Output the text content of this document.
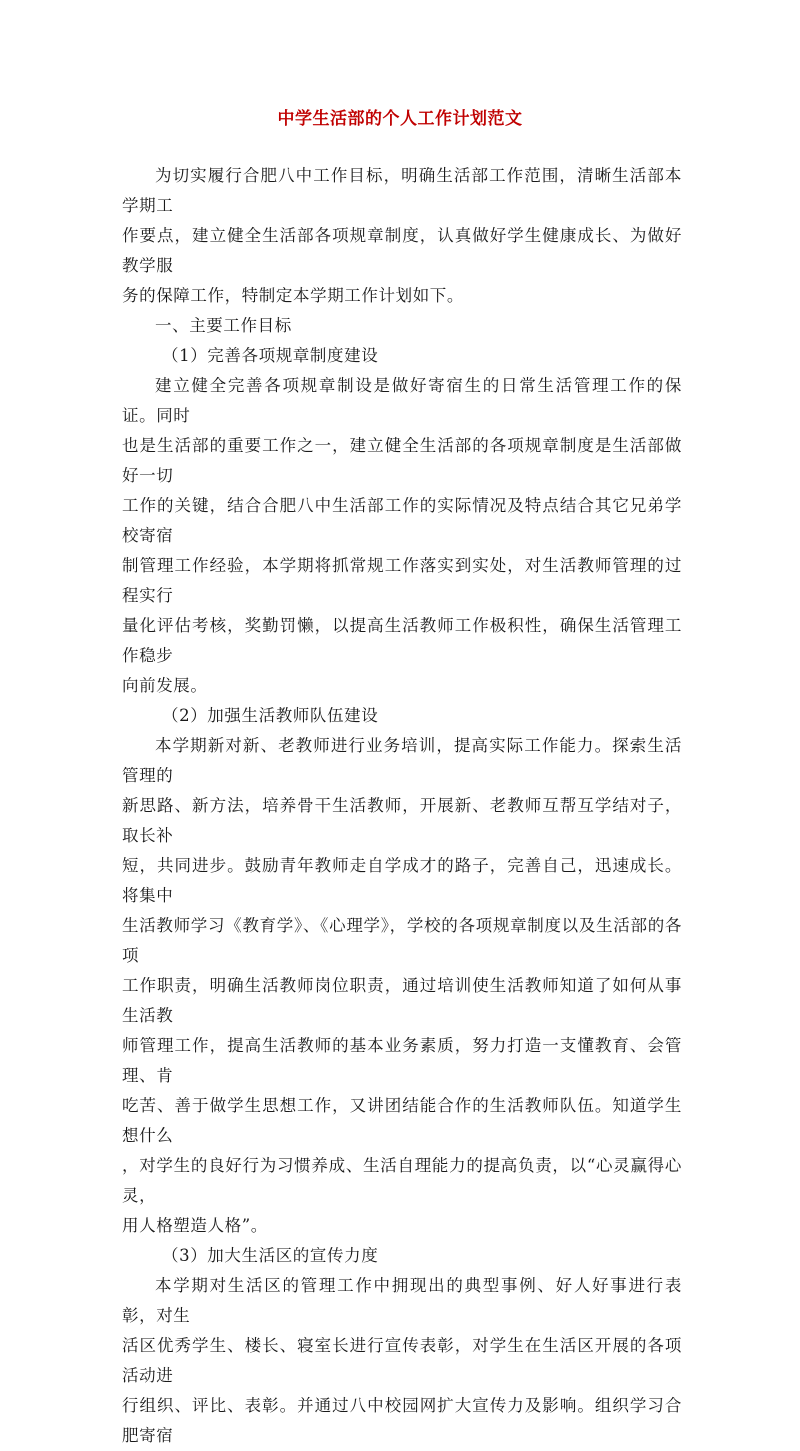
中学生活部的个人工作计划范文

为切实履行合肥八中工作目标，明确生活部工作范围，清晰生活部本学期工
作要点，建立健全生活部各项规章制度，认真做好学生健康成长、为做好教学服
务的保障工作，特制定本学期工作计划如下。

一、主要工作目标

（1）完善各项规章制度建设

建立健全完善各项规章制设是做好寄宿生的日常生活管理工作的保证。同时
也是生活部的重要工作之一，建立健全生活部的各项规章制度是生活部做好一切
工作的关键，结合合肥八中生活部工作的实际情况及特点结合其它兄弟学校寄宿
制管理工作经验，本学期将抓常规工作落实到实处，对生活教师管理的过程实行
量化评估考核，奖勤罚懒，以提高生活教师工作极积性，确保生活管理工作稳步
向前发展。

（2）加强生活教师队伍建设

本学期新对新、老教师进行业务培训，提高实际工作能力。探索生活管理的
新思路、新方法，培养骨干生活教师，开展新、老教师互帮互学结对子，取长补
短，共同进步。鼓励青年教师走自学成才的路子，完善自己，迅速成长。将集中
生活教师学习《教育学》、《心理学》，学校的各项规章制度以及生活部的各项
工作职责，明确生活教师岗位职责，通过培训使生活教师知道了如何从事生活教
师管理工作，提高生活教师的基本业务素质，努力打造一支懂教育、会管理、肯
吃苦、善于做学生思想工作，又讲团结能合作的生活教师队伍。知道学生想什么
，对学生的良好行为习惯养成、生活自理能力的提高负责，以“心灵赢得心灵，
用人格塑造人格”。

（3）加大生活区的宣传力度

本学期对生活区的管理工作中拥现出的典型事例、好人好事进行表彰，对生
活区优秀学生、楼长、寝室长进行宣传表彰，对学生在生活区开展的各项活动进
行组织、评比、表彰。并通过八中校园网扩大宣传力及影响。组织学习合肥寄宿
